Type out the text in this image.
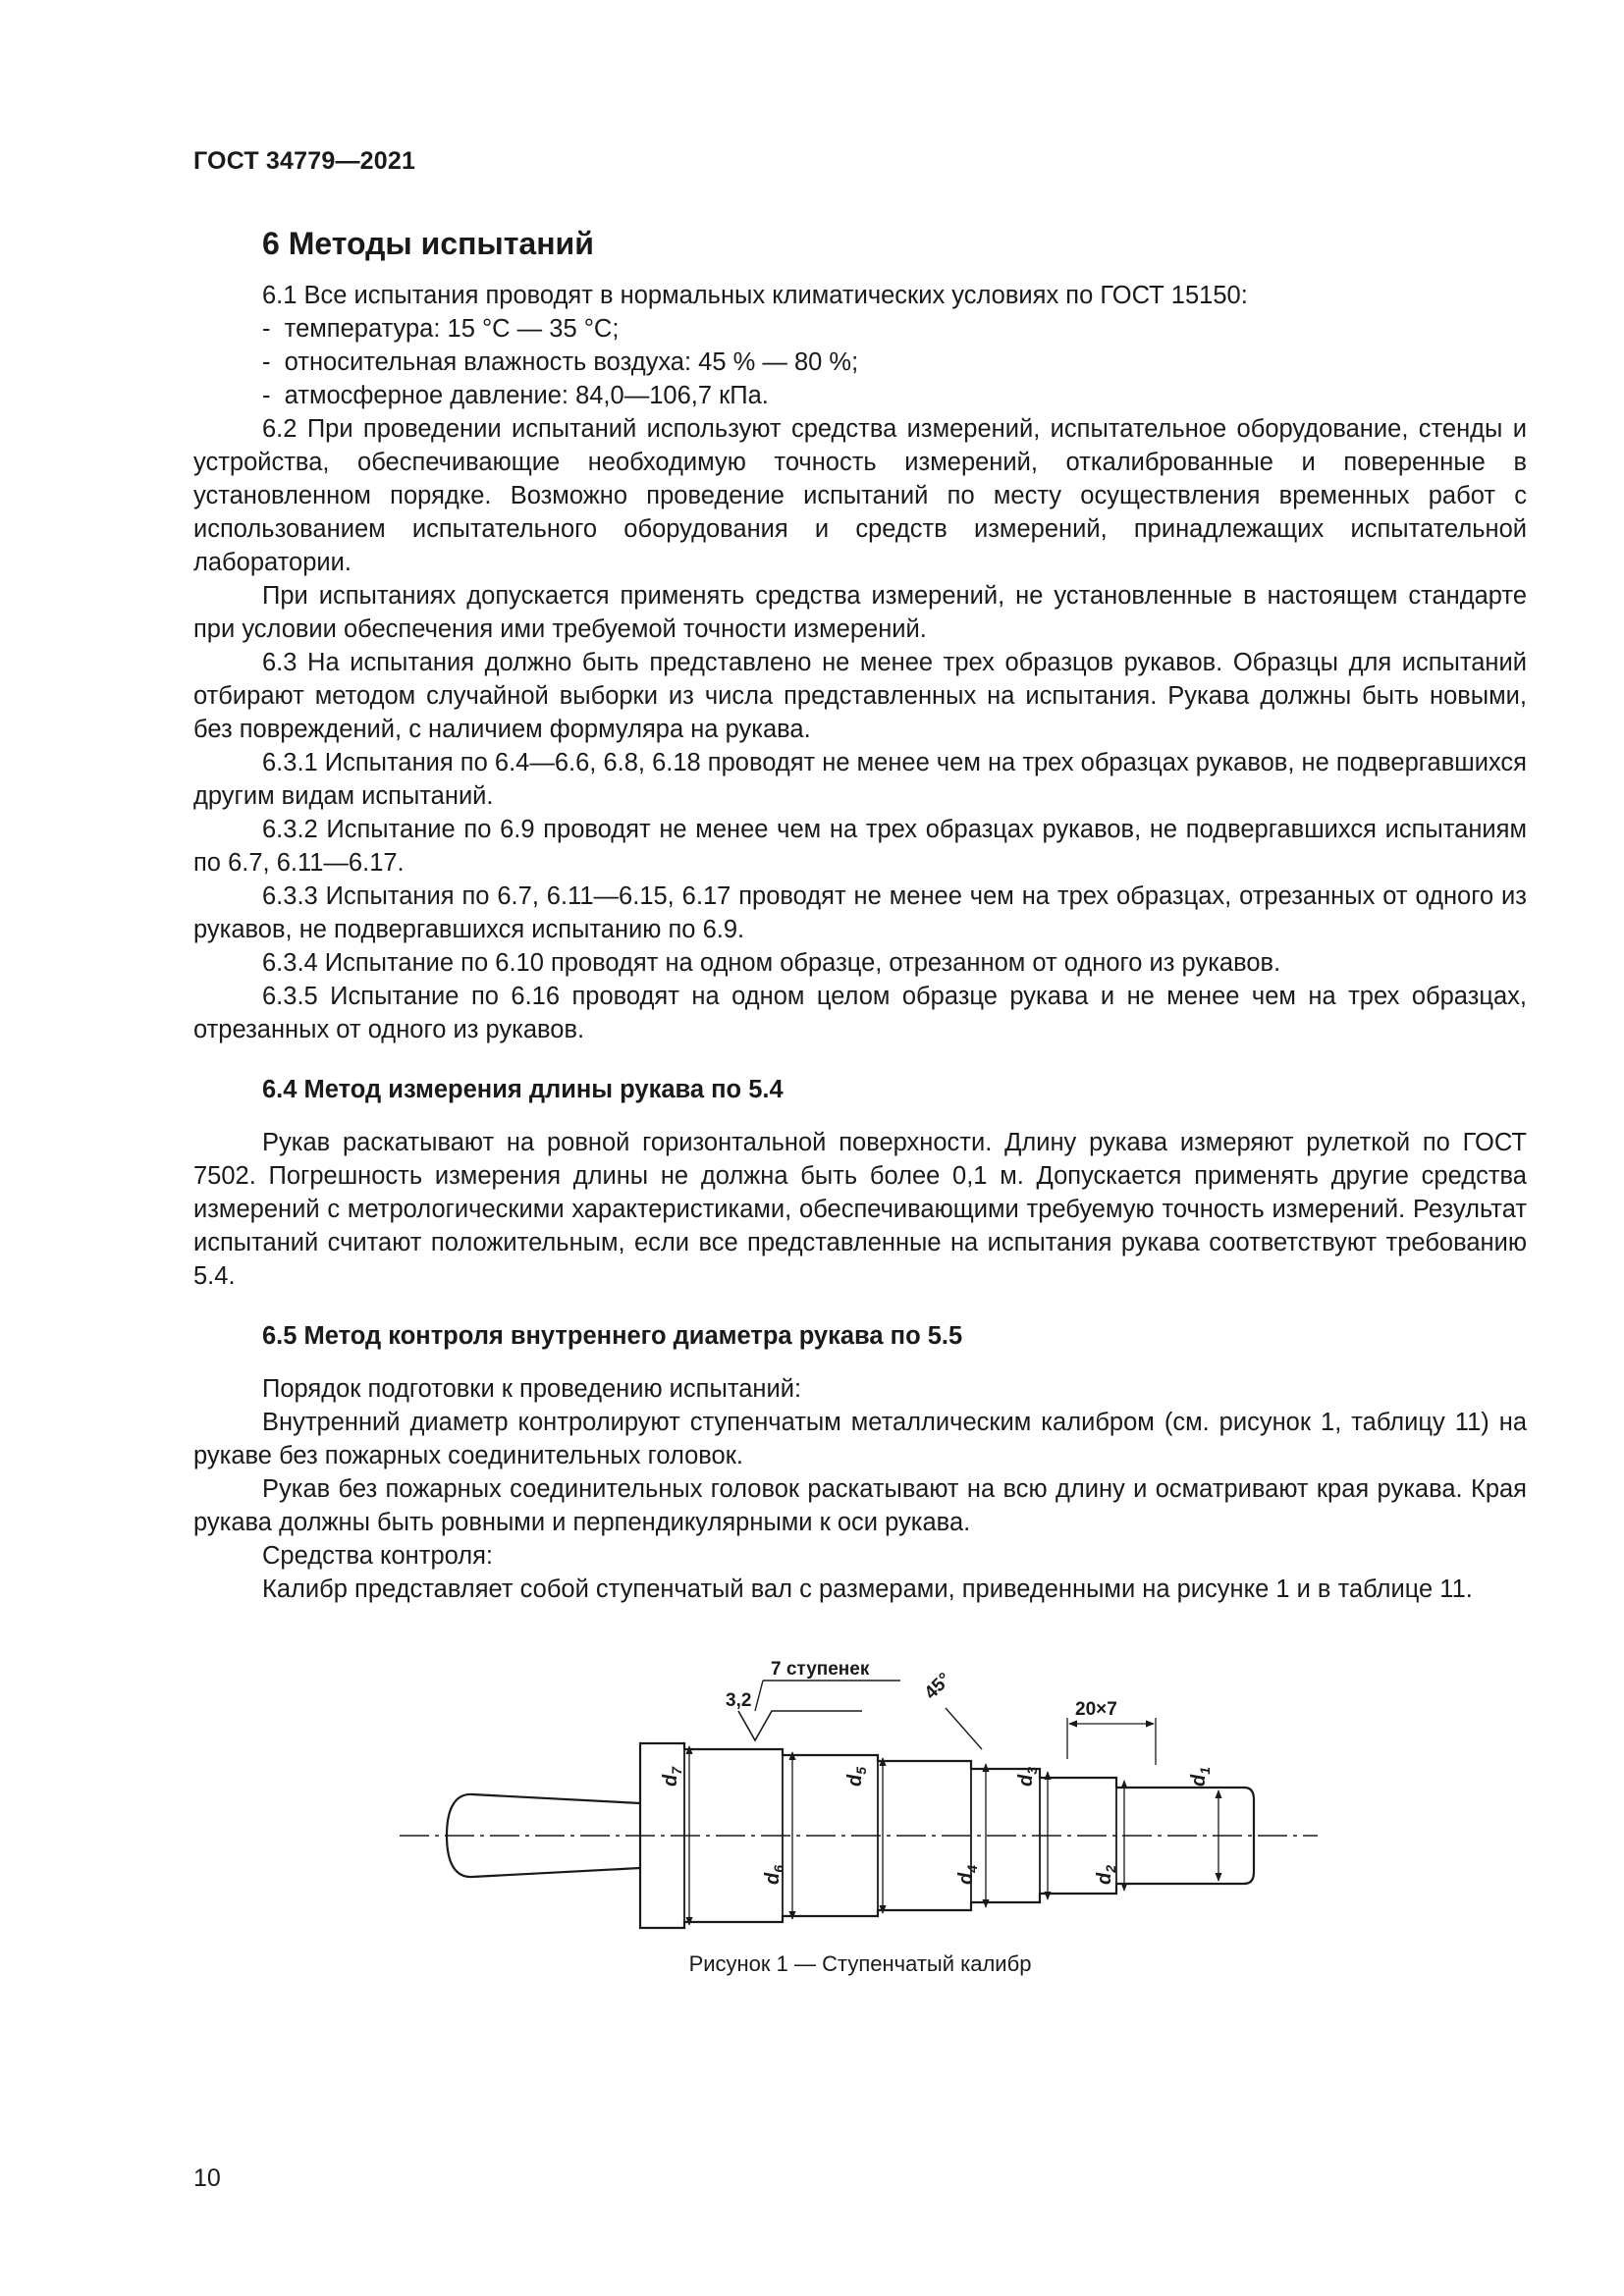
ГОСТ 34779—2021
6 Методы испытаний

6.1 Все испытания проводят в нормальных климатических условиях по ГОСТ 15150:

-  температура: 15 °С — 35 °С;
-  относительная влажность воздуха: 45 % — 80 %;
-  атмосферное давление: 84,0—106,7 кПа.

6.2 При проведении испытаний используют средства измерений, испытательное оборудование, стенды и устройства, обеспечивающие необходимую точность измерений, откалиброванные и поверенные в установленном порядке. Возможно проведение испытаний по месту осуществления временных работ с использованием испытательного оборудования и средств измерений, принадлежащих испытательной лаборатории.

При испытаниях допускается применять средства измерений, не установленные в настоящем стандарте при условии обеспечения ими требуемой точности измерений.

6.3 На испытания должно быть представлено не менее трех образцов рукавов. Образцы для испытаний отбирают методом случайной выборки из числа представленных на испытания. Рукава должны быть новыми, без повреждений, с наличием формуляра на рукава.

6.3.1 Испытания по 6.4—6.6, 6.8, 6.18 проводят не менее чем на трех образцах рукавов, не подвергавшихся другим видам испытаний.

6.3.2 Испытание по 6.9 проводят не менее чем на трех образцах рукавов, не подвергавшихся испытаниям по 6.7, 6.11—6.17.

6.3.3 Испытания по 6.7, 6.11—6.15, 6.17 проводят не менее чем на трех образцах, отрезанных от одного из рукавов, не подвергавшихся испытанию по 6.9.

6.3.4 Испытание по 6.10 проводят на одном образце, отрезанном от одного из рукавов.

6.3.5 Испытание по 6.16 проводят на одном целом образце рукава и не менее чем на трех образцах, отрезанных от одного из рукавов.

6.4 Метод измерения длины рукава по 5.4

Рукав раскатывают на ровной горизонтальной поверхности. Длину рукава измеряют рулеткой по ГОСТ 7502. Погрешность измерения длины не должна быть более 0,1 м. Допускается применять другие средства измерений с метрологическими характеристиками, обеспечивающими требуемую точность измерений. Результат испытаний считают положительным, если все представленные на испытания рукава соответствуют требованию 5.4.

6.5 Метод контроля внутреннего диаметра рукава по 5.5

Порядок подготовки к проведению испытаний:

Внутренний диаметр контролируют ступенчатым металлическим калибром (см. рисунок 1, таблицу 11) на рукаве без пожарных соединительных головок.

Рукав без пожарных соединительных головок раскатывают на всю длину и осматривают края рукава. Края рукава должны быть ровными и перпендикулярными к оси рукава.

Средства контроля:

Калибр представляет собой ступенчатый вал с размерами, приведенными на рисунке 1 и в таблице 11.

$d_7$
$d_6$
$d_5$
$d_4$
$d_3$
$d_2$
$d_1$
7 ступенек
3,2	45°
20×7
Рисунок 1 — Ступенчатый калибр
10
